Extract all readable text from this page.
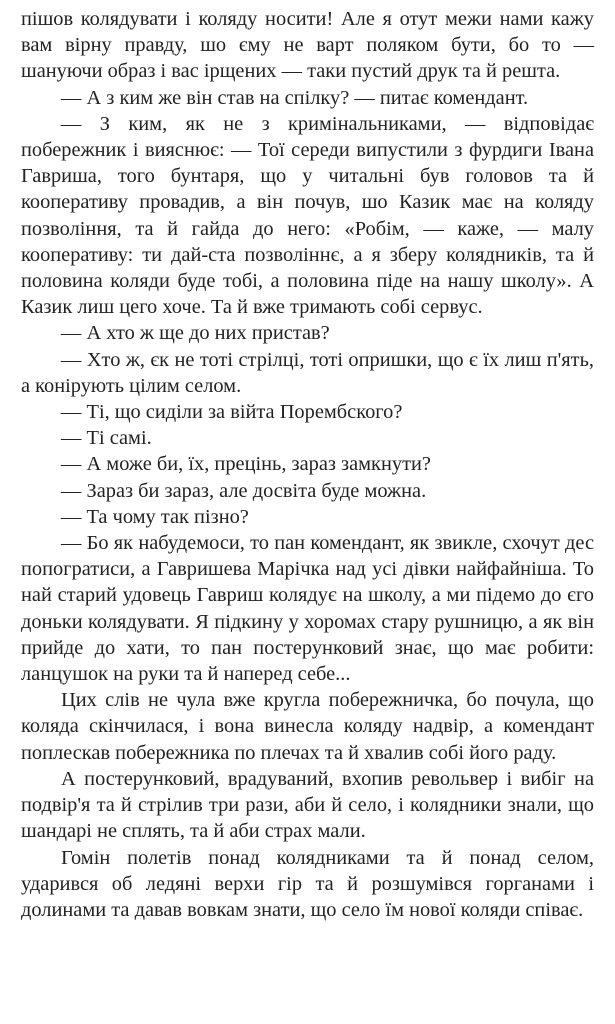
пішов колядувати і коляду носити! Але я отут межи нами кажу вам вірну правду, шо єму не варт поляком бути, бо то — шануючи образ і вас ірщених — таки пустий друк та й решта.

— А з ким же він став на спілку? — питає комендант.

— З ким, як не з кримінальниками, — відповідає побережник і вияснює: — Тої середи випустили з фурдиги Івана Гавриша, того бунтаря, що у читальні був головов та й кооперативу провадив, а він почув, шо Казик має на коляду позвоління, та й гайда до него: «Робім, — каже, — малу кооперативу: ти дай-ста позволіннє, а я зберу колядників, та й половина коляди буде тобі, а половина піде на нашу школу». А Казик лиш цего хоче. Та й вже тримають собі сервус.

— А хто ж ще до них пристав?

— Хто ж, єк не тоті стрілці, тоті опришки, що є їх лиш п'ять, а конірують цілим селом.

— Ті, що сиділи за війта Порембского?

— Ті самі.

— А може би, їх, прецінь, зараз замкнути?

— Зараз би зараз, але досвіта буде можна.

— Та чому так пізно?

— Бо як набудемоси, то пан комендант, як звикле, схочут дес попогратиси, а Гавришева Марічка над усі дівки найфайніша. То най старий удовець Гавриш колядує на школу, а ми підемо до єго доньки колядувати. Я підкину у хоромах стару рушницю, а як він прийде до хати, то пан постерунковий знає, що має робити: ланцушок на руки та й наперед себе...

Цих слів не чула вже кругла побережничка, бо почула, що коляда скінчилася, і вона винесла коляду надвір, а комендант поплескав побережника по плечах та й хвалив собі його раду.

А постерунковий, врадуваний, вхопив револьвер і вибіг на подвір'я та й стрілив три рази, аби й село, і колядники знали, що шандарі не сплять, та й аби страх мали.

Гомін полетів понад колядниками та й понад селом, ударився об ледяні верхи гір та й розшумівся горганами і долинами та давав вовкам знати, що село їм нової коляди співає.
